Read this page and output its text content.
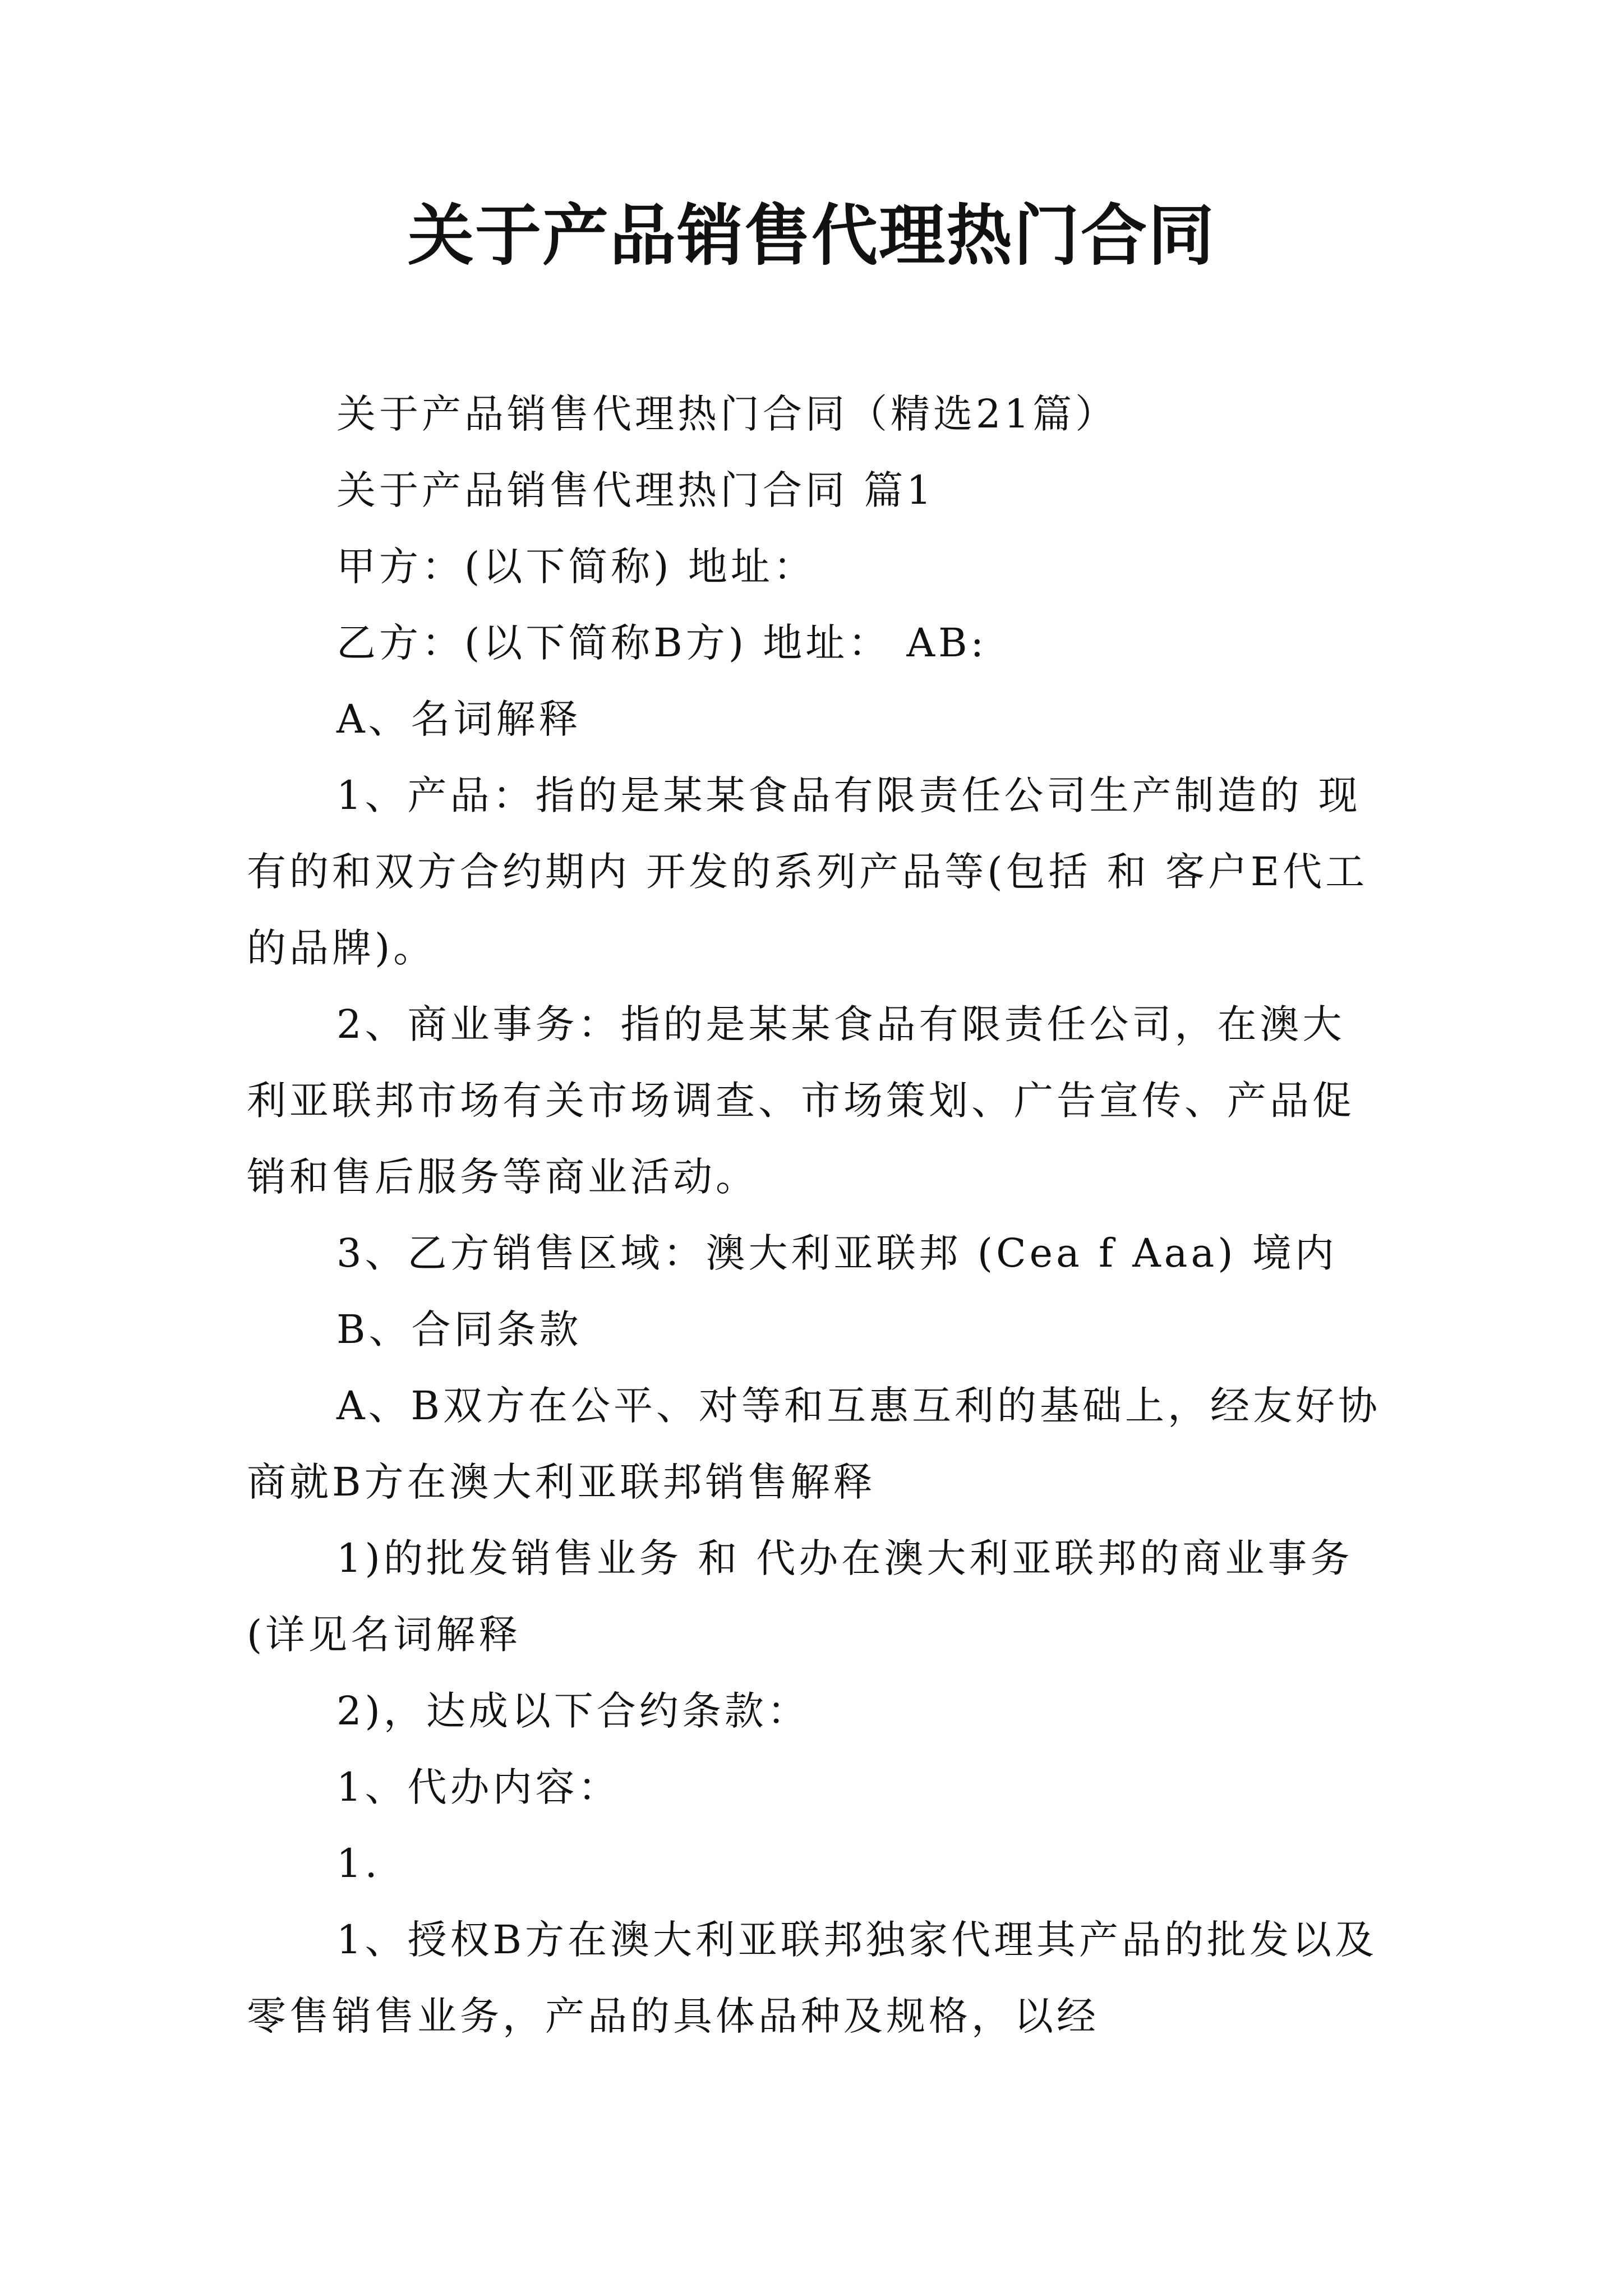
关于产品销售代理热门合同

关于产品销售代理热门合同（精选21篇）

关于产品销售代理热门合同 篇1

甲方：(以下简称) 地址：

乙方：(以下简称B方) 地址： AB:

A、名词解释

1、产品：指的是某某食品有限责任公司生产制造的 现有的和双方合约期内 开发的系列产品等(包括 和 客户E代工的品牌)。

2、商业事务：指的是某某食品有限责任公司，在澳大利亚联邦市场有关市场调查、市场策划、广告宣传、产品促销和售后服务等商业活动。

3、乙方销售区域：澳大利亚联邦 (Cea f Aaa) 境内

B、合同条款

A、B双方在公平、对等和互惠互利的基础上，经友好协商就B方在澳大利亚联邦销售解释

1)的批发销售业务 和 代办在澳大利亚联邦的商业事务(详见名词解释

2)，达成以下合约条款：

1、代办内容：

1.

1、授权B方在澳大利亚联邦独家代理其产品的批发以及零售销售业务，产品的具体品种及规格，以经
